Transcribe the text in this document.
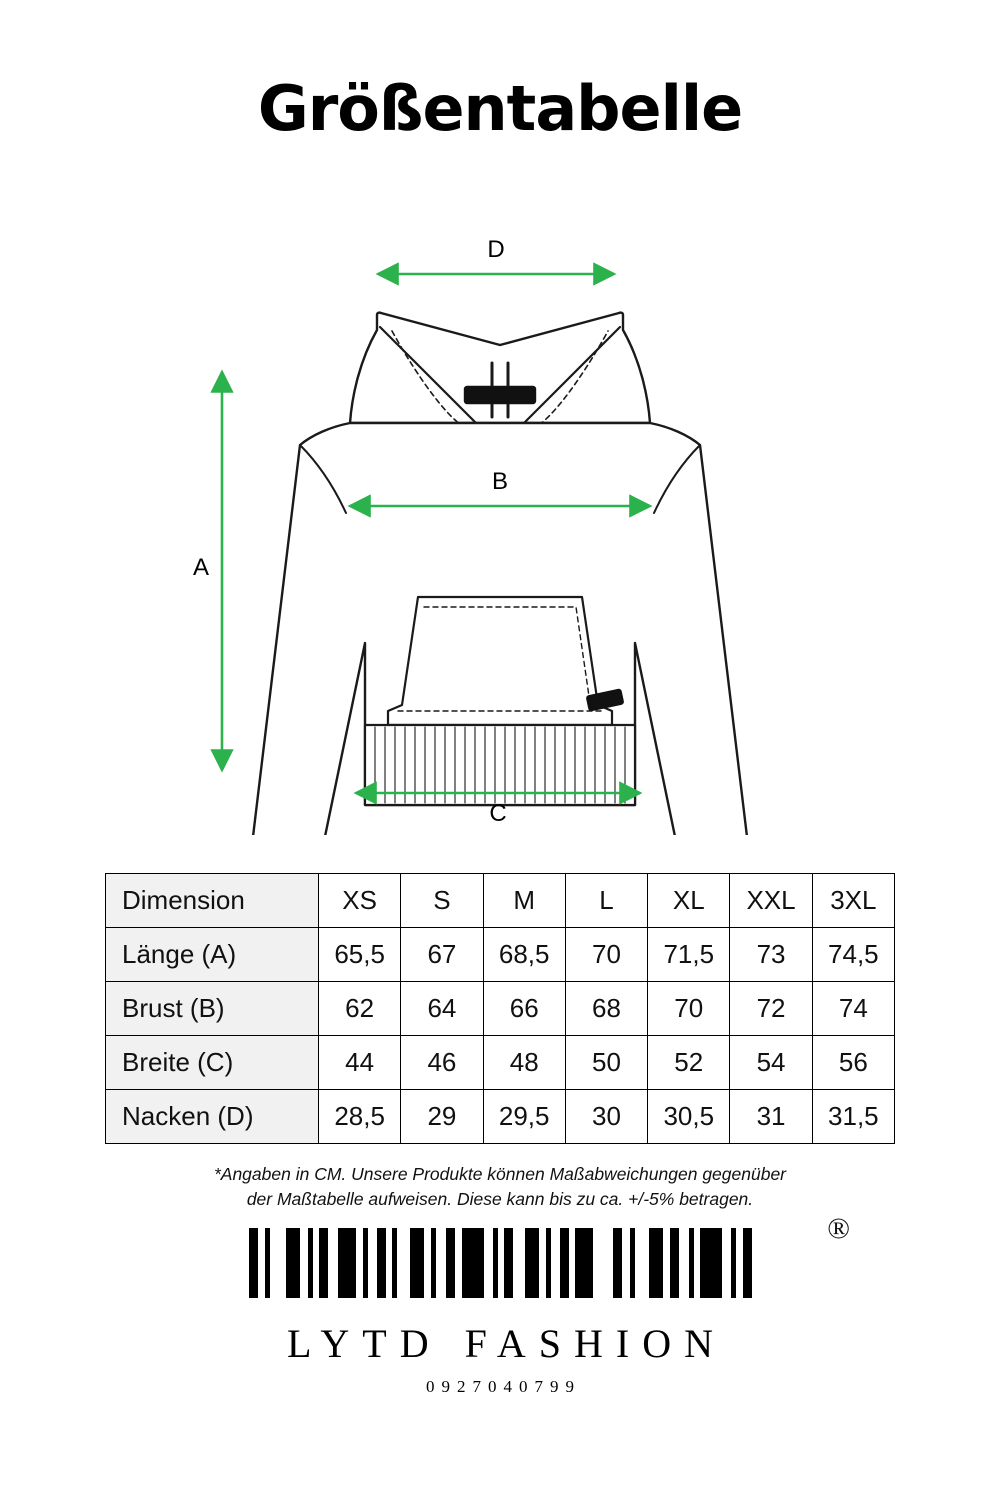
Größentabelle
D
B
C
A
Dimension	XS	S	M	L	XL	XXL	3XL
Länge (A)	65,5	67	68,5	70	71,5	73	74,5
Brust (B)	62	64	66	68	70	72	74
Breite (C)	44	46	48	50	52	54	56
Nacken (D)	28,5	29	29,5	30	30,5	31	31,5
*Angaben in CM. Unsere Produkte können Maßabweichungen gegenüber
der Maßtabelle aufweisen. Diese kann bis zu ca. +/-5% betragen.
®
LYTD FASHION
0927040799
